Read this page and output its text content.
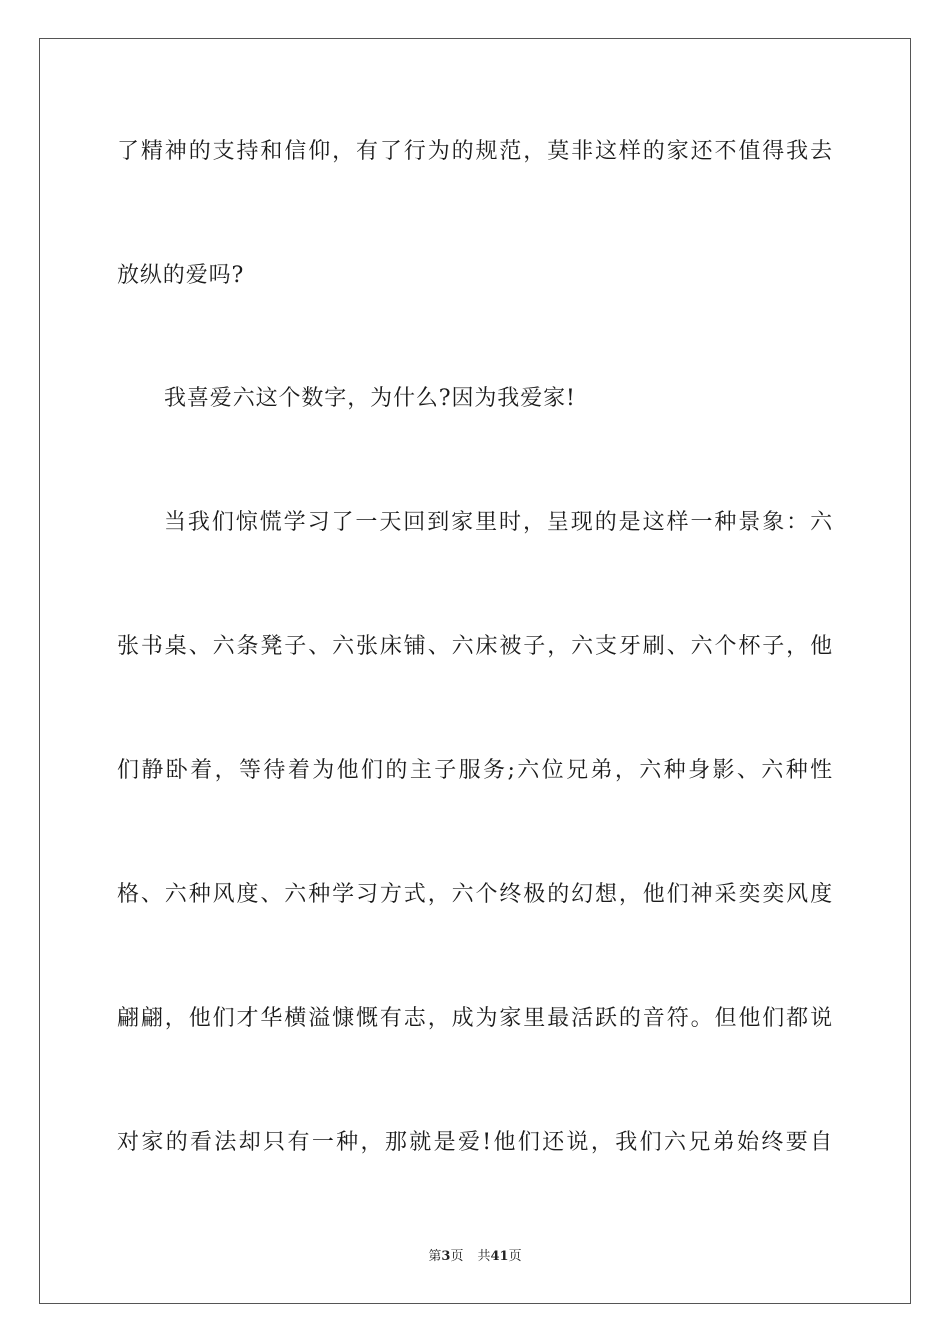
了精神的支持和信仰，有了行为的规范，莫非这样的家还不值得我去
放纵的爱吗?
我喜爱六这个数字，为什么?因为我爱家!
当我们惊慌学习了一天回到家里时，呈现的是这样一种景象：六
张书桌、六条凳子、六张床铺、六床被子，六支牙刷、六个杯子，他
们静卧着，等待着为他们的主子服务;六位兄弟，六种身影、六种性
格、六种风度、六种学习方式，六个终极的幻想，他们神采奕奕风度
翩翩，他们才华横溢慷慨有志，成为家里最活跃的音符。但他们都说
对家的看法却只有一种，那就是爱!他们还说，我们六兄弟始终要自
第3页 共41页
